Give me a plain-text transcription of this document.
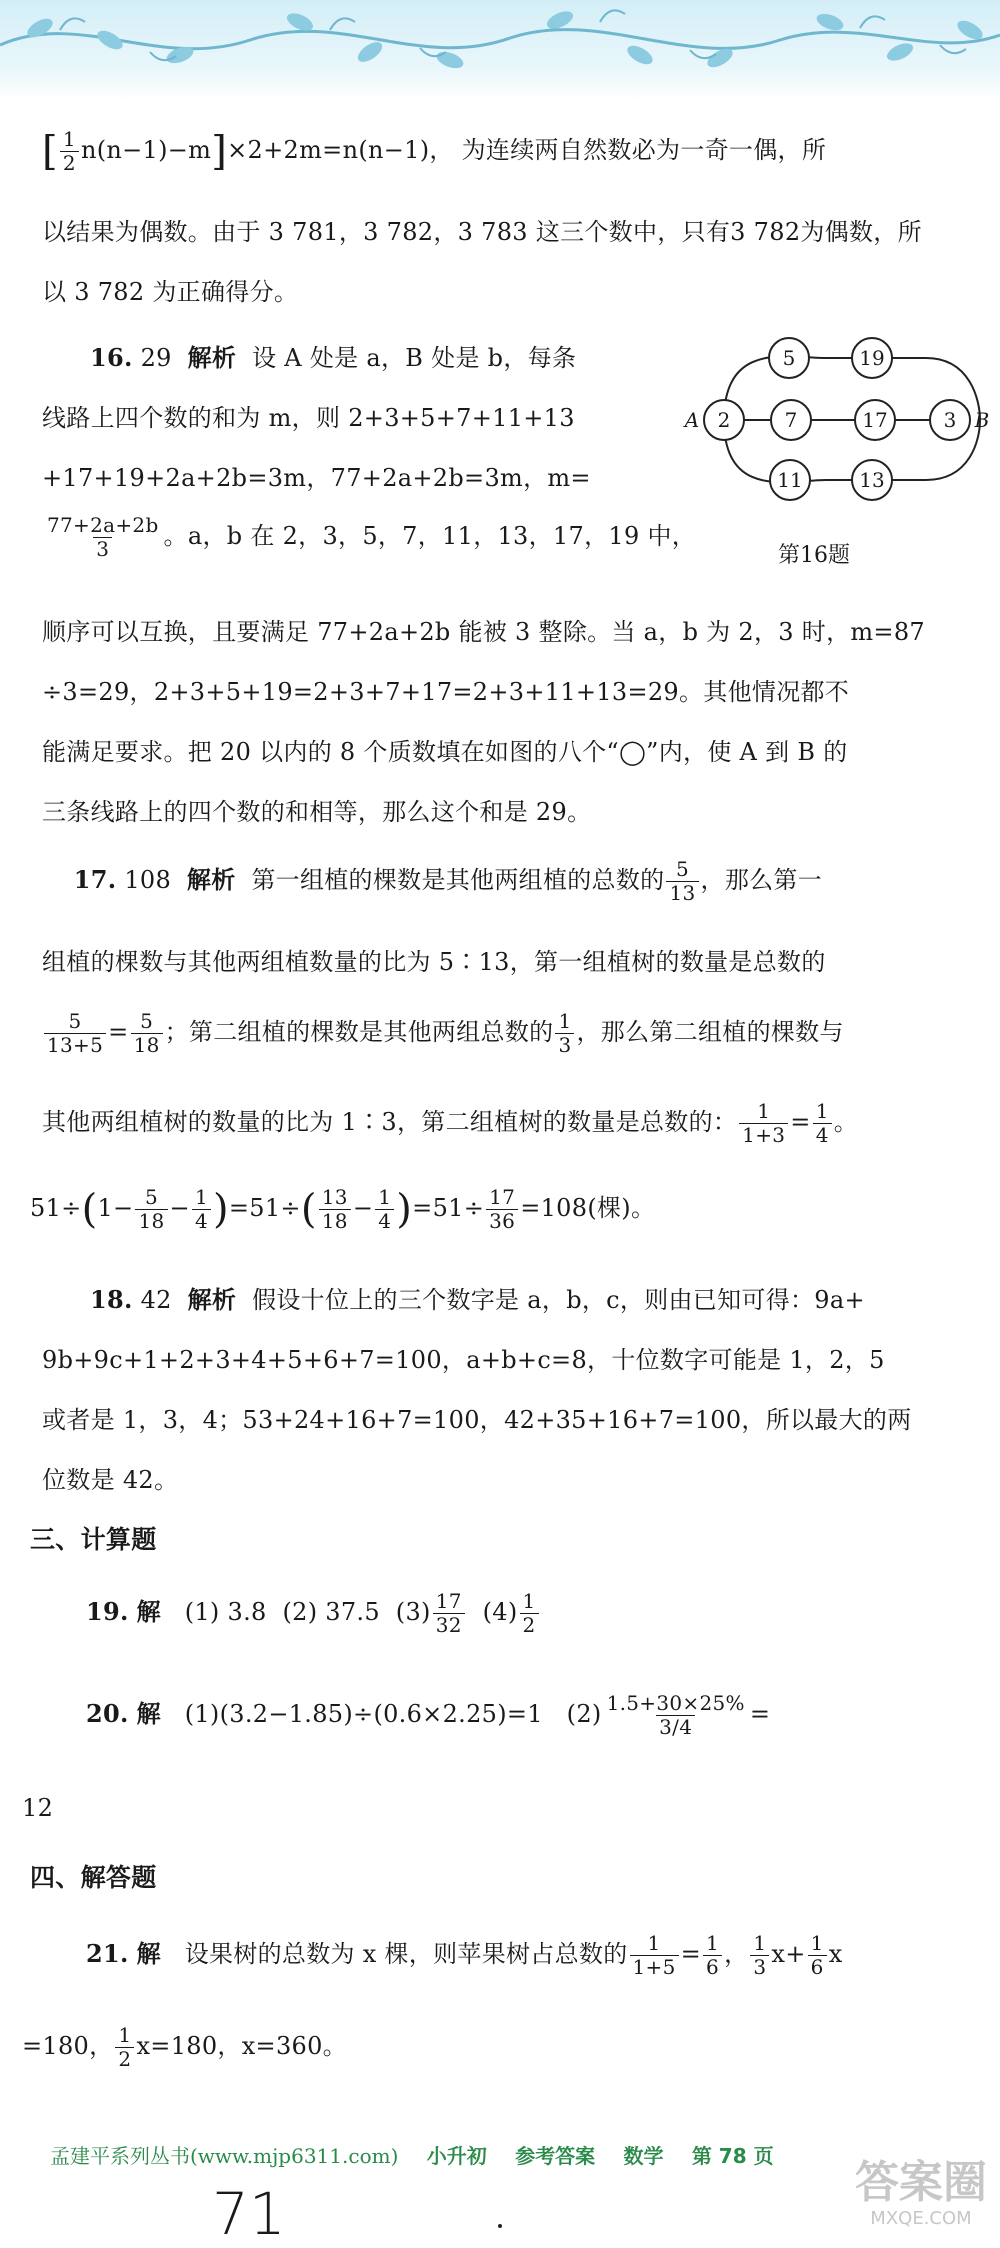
[ $\frac{1}{2} n(n-1)-m]\times 2+2m=n(n-1)$， 为连续两自然数必为一奇一偶，所
以结果为偶数。由于 3 781，3 782，3 783 这三个数中，只有3 782为偶数，所
以 3 782 为正确得分。
16. 29 解析 设 A 处是 a，B 处是 b，每条
线路上四个数的和为 m，则 2+3+5+7+11+13
+17+19+2a+2b=3m，77+2a+2b=3m，m=
$\frac{77+2a+2b}{3}$ 。a，b 在 2，3，5，7，11，13，17，19 中，
顺序可以互换，且要满足 77+2a+2b 能被 3 整除。当 a，b 为 2，3 时，m=87
÷3=29，2+3+5+19=2+3+7+17=2+3+11+13=29。其他情况都不
能满足要求。把 20 以内的 8 个质数填在如图的八个“◯”内，使 A 到 B 的
三条线路上的四个数的和相等，那么这个和是 29。
5	19
2	7	17	3
11	13
A	B
第16题
17. 108 解析 第一组植的棵数是其他两组植的总数的 $\frac{5}{13}$ ，那么第一
组植的棵数与其他两组植数量的比为 5∶13，第一组植树的数量是总数的
$\frac{5}{13+5} = \frac{5}{18}$ ；第二组植的棵数是其他两组总数的 $\frac{1}{3}$ ，那么第二组植的棵数与
其他两组植树的数量的比为 1∶3，第二组植树的数量是总数的： $\frac{1}{1+3} = \frac{1}{4}$ 。
$51\div(1- \frac{5}{18} - \frac{1}{4} )=51\div( \frac{13}{18} - \frac{1}{4} )=51\div \frac{17}{36} =108$(棵)。
18. 42 解析 假设十位上的三个数字是 a，b，c，则由已知可得：9a+
9b+9c+1+2+3+4+5+6+7=100，a+b+c=8，十位数字可能是 1，2，5
或者是 1，3，4；53+24+16+7=100，42+35+16+7=100，所以最大的两
位数是 42。
三、计算题
19. 解 (1) 3.8 (2) 37.5 $(3) \frac{17}{32} (4) \frac{1}{2}$
20. 解 (1)(3.2−1.85)÷(0.6×2.25)=1 $(2) \frac{1.5+30\times 25\%}{3/4}$ =
12
四、解答题
21. 解 设果树的总数为 x 棵，则苹果树占总数的 $\frac{1}{1+5} = \frac{1}{6}$ ， $\frac{1}{3} x+ \frac{1}{6}$ x
=180， $\frac{1}{2} x=180$，x=360。
孟建平系列丛书(www.mjp6311.com) 小升初 参考答案 数学 第 78 页
71	答案圈
MXQE.COM
